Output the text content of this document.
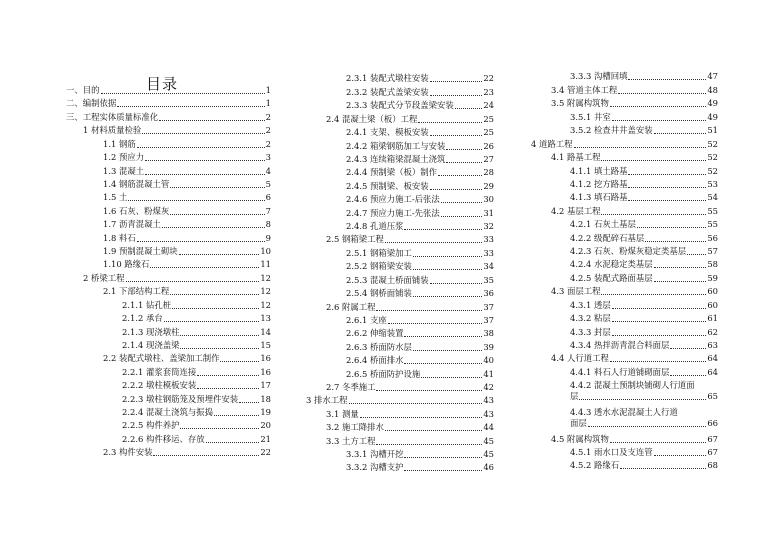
目录
一、目的	1
二、编制依据	1
三、工程实体质量标准化	2
1 材料质量检验	2
1.1 钢筋	2
1.2 预应力	3
1.3 混凝土	4
1.4 钢筋混凝土管	5
1.5 土	6
1.6 石灰、粉煤灰	7
1.7 沥青混凝土	8
1.8 料石	9
1.9 预制混凝土砌块	10
1.10 路缘石	11
2 桥梁工程	12
2.1 下部结构工程	12
2.1.1 钻孔桩	12
2.1.2 承台	13
2.1.3 现浇墩柱	14
2.1.4 现浇盖梁	15
2.2 装配式墩柱、盖梁加工制作	16
2.2.1 灌浆套筒连接	16
2.2.2 墩柱模板安装	17
2.2.3 墩柱钢筋笼及预埋件安装	18
2.2.4 混凝土浇筑与振捣	19
2.2.5 构件养护	20
2.2.6 构件移运、存放	21
2.3 构件安装	22
2.3.1 装配式墩柱安装	22
2.3.2 装配式盖梁安装	23
2.3.3 装配式分节段盖梁安装	24
2.4 混凝土梁（板）工程	25
2.4.1 支架、模板安装	25
2.4.2 箱梁钢筋加工与安装	26
2.4.3 连续箱梁混凝土浇筑	27
2.4.4 预制梁（板）制作	28
2.4.5 预制梁、板安装	29
2.4.6 预应力施工-后张法	30
2.4.7 预应力施工-先张法	31
2.4.8 孔道压浆	32
2.5 钢箱梁工程	33
2.5.1 钢箱梁加工	33
2.5.2 钢箱梁安装	34
2.5.3 混凝土桥面铺装	35
2.5.4 钢桥面铺装	36
2.6 附属工程	37
2.6.1 支座	37
2.6.2 伸缩装置	38
2.6.3 桥面防水层	39
2.6.4 桥面排水	40
2.6.5 桥面防护设施	41
2.7 冬季施工	42
3 排水工程	43
3.1 测量	43
3.2 施工降排水	44
3.3 土方工程	45
3.3.1 沟槽开挖	45
3.3.2 沟槽支护	46
3.3.3 沟槽回填	47
3.4 管道主体工程	48
3.5 附属构筑物	49
3.5.1 井室	49
3.5.2 检查井井盖安装	51
4 道路工程	52
4.1 路基工程	52
4.1.1 填土路基	52
4.1.2 挖方路基	53
4.1.3 填石路基	54
4.2 基层工程	55
4.2.1 石灰土基层	55
4.2.2 级配碎石基层	56
4.2.3 石灰、粉煤灰稳定类基层	57
4.2.4 水泥稳定类基层	58
4.2.5 装配式路面基层	59
4.3 面层工程	60
4.3.1 透层	60
4.3.2 粘层	61
4.3.3 封层	62
4.3.4 热拌沥青混合料面层	63
4.4 人行道工程	64
4.4.1 料石人行道铺砌面层	64
4.4.2 混凝土预制块铺砌人行道面
层	65
4.4.3 透水水泥混凝土人行道
面层	66
4.5 附属构筑物	67
4.5.1 雨水口及支连管	67
4.5.2 路缘石	68
